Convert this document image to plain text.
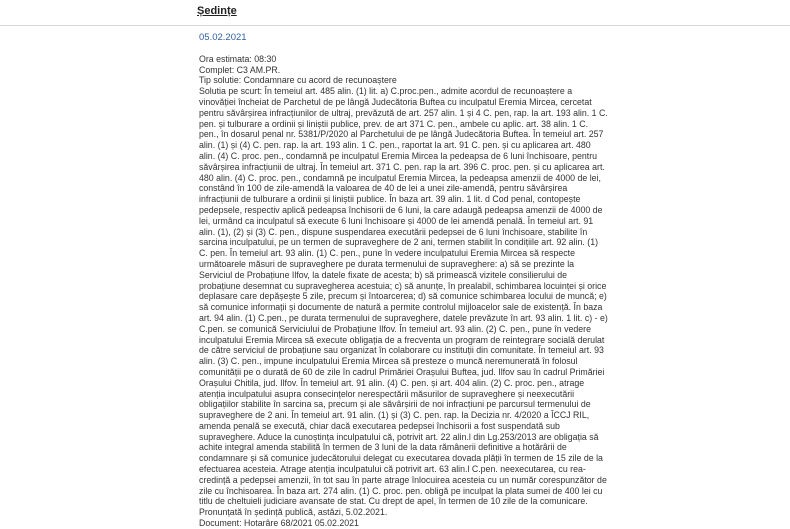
Ședințe
05.02.2021
Ora estimata: 08:30
Complet: C3 AM.PR.
Tip solutie: Condamnare cu acord de recunoaștere

Solutia pe scurt: În temeiul art. 485 alin. (1) lit. a) C.proc.pen., admite acordul de recunoaștere a vinovăției încheiat de Parchetul de pe lângă Judecătoria Buftea cu inculpatul Eremia Mircea, cercetat pentru săvârșirea infracțiunilor de ultraj, prevăzută de art. 257 alin. 1 și 4 C. pen, rap. la art. 193 alin. 1 C. pen. și tulburare a ordinii și liniștii publice, prev. de art 371 C. pen., ambele cu aplic. art. 38 alin. 1 C. pen., în dosarul penal nr. 5381/P/2020 al Parchetului de pe lângă Judecătoria Buftea. În temeiul art. 257 alin. (1) și (4) C. pen. rap. la art. 193 alin. 1 C. pen., raportat la art. 91 C. pen. și cu aplicarea art. 480 alin. (4) C. proc. pen., condamnă pe inculpatul Eremia Mircea la pedeapsa de 6 luni închisoare, pentru săvârșirea infracțiunii de ultraj. În temeiul art. 371 C. pen. rap la art. 396 C. proc. pen. și cu aplicarea art. 480 alin. (4) C. proc. pen., condamnă pe inculpatul Eremia Mircea, la pedeapsa amenzii de 4000 de lei, constând în 100 de zile-amendă la valoarea de 40 de lei a unei zile-amendă, pentru săvârșirea infracțiunii de tulburare a ordinii și liniștii publice. În baza art. 39 alin. 1 lit. d Cod penal, contopește pedepsele, respectiv aplică pedeapsa închisorii de 6 luni, la care adaugă pedeapsa amenzii de 4000 de lei, urmând ca inculpatul să execute 6 luni închisoare și 4000 de lei amendă penală. În temeiul art. 91 alin. (1), (2) și (3) C. pen., dispune suspendarea executării pedepsei de 6 luni închisoare, stabilite în sarcina inculpatului, pe un termen de supraveghere de 2 ani, termen stabilit în condițiile art. 92 alin. (1) C. pen. În temeiul art. 93 alin. (1) C. pen., pune în vedere inculpatului Eremia Mircea să respecte următoarele măsuri de supraveghere pe durata termenului de supraveghere: a) să se prezinte la Serviciul de Probațiune Ilfov, la datele fixate de acesta; b) să primească vizitele consilierului de probațiune desemnat cu supravegherea acestuia; c) să anunțe, în prealabil, schimbarea locuinței și orice deplasare care depășește 5 zile, precum și întoarcerea; d) să comunice schimbarea locului de muncă; e) să comunice informații și documente de natură a permite controlul mijloacelor sale de existență. În baza art. 94 alin. (1) C.pen., pe durata termenului de supraveghere, datele prevăzute în art. 93 alin. 1 lit. c) - e) C.pen. se comunică Serviciului de Probațiune Ilfov. În temeiul art. 93 alin. (2) C. pen., pune în vedere inculpatului Eremia Mircea să execute obligația de a frecventa un program de reintegrare socială derulat de către serviciul de probațiune sau organizat în colaborare cu instituții din comunitate. În temeiul art. 93 alin. (3) C. pen., impune inculpatului Eremia Mircea să presteze o muncă neremunerată în folosul comunității pe o durată de 60 de zile în cadrul Primăriei Orașului Buftea, jud. Ilfov sau în cadrul Primăriei Orașului Chitila, jud. Ilfov. În temeiul art. 91 alin. (4) C. pen. și art. 404 alin. (2) C. proc. pen., atrage atenția inculpatului asupra consecințelor nerespectării măsurilor de supraveghere și neexecutării obligațiilor stabilite în sarcina sa, precum și ale săvârșirii de noi infracțiuni pe parcursul termenului de supraveghere de 2 ani. În temeiul art. 91 alin. (1) și (3) C. pen. rap. la Decizia nr. 4/2020 a ÎCCJ RIL, amenda penală se execută, chiar dacă executarea pedepsei închisorii a fost suspendată sub supraveghere. Aduce la cunoștința inculpatului că, potrivit art. 22 alin.l din Lg.253/2013 are obligația să achite integral amenda stabilită în termen de 3 luni de la data rămânerii definitive a hotărârii de condamnare și să comunice judecătorului delegat cu executarea dovada plății în termen de 15 zile de la efectuarea acesteia. Atrage atenția inculpatului că potrivit art. 63 alin.l C.pen. neexecutarea, cu rea-credință a pedepsei amenzii, în tot sau în parte atrage înlocuirea acesteia cu un număr corespunzător de zile cu închisoarea. În baza art. 274 alin. (1) C. proc. pen. obligă pe inculpat la plata sumei de 400 lei cu titlu de cheltuieli judiciare avansate de stat. Cu drept de apel, în termen de 10 zile de la comunicare. Pronunțată în ședință publică, astăzi, 5.02.2021.

Document: Hotarâre 68/2021 05.02.2021
